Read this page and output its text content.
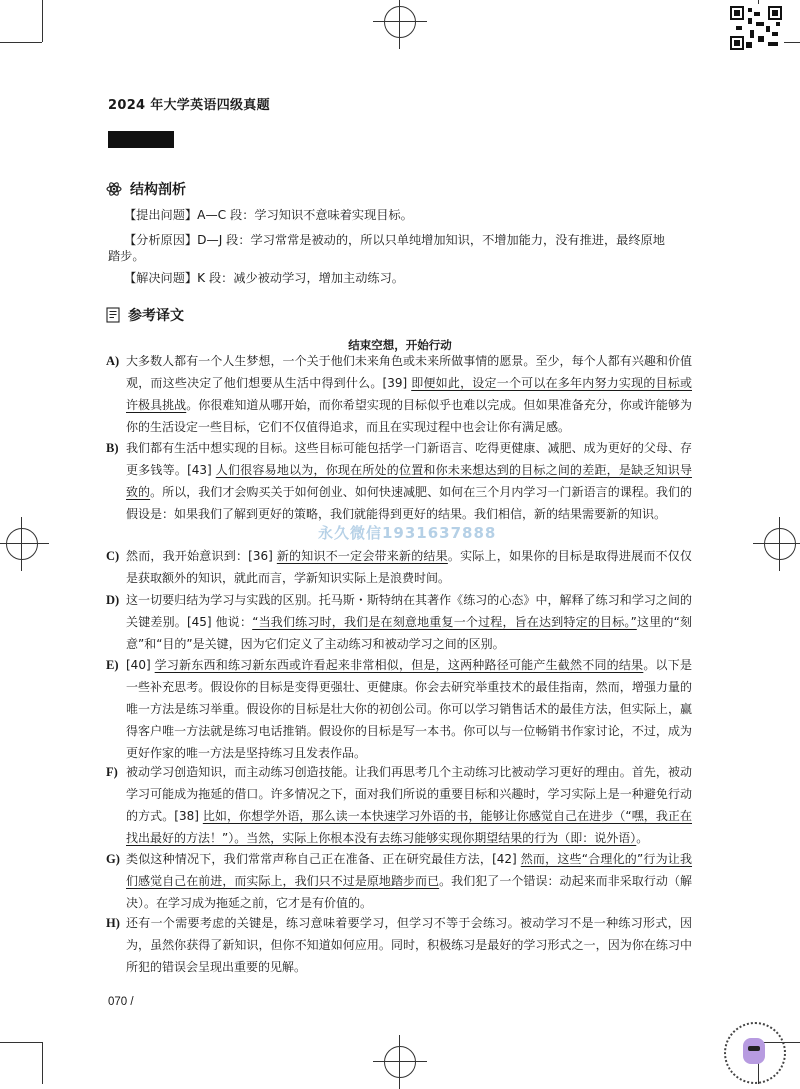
2024 年大学英语四级真题
结构剖析
【提出问题】A—C 段：学习知识不意味着实现目标。
【分析原因】D—J 段：学习常常是被动的，所以只单纯增加知识，不增加能力，没有推进，最终原地
踏步。
【解决问题】K 段：减少被动学习，增加主动练习。
参考译文
结束空想，开始行动
A) 大多数人都有一个人生梦想，一个关于他们未来角色或未来所做事情的愿景。至少，每个人都有兴趣和价值观，而这些决定了他们想要从生活中得到什么。[39] 即便如此，设定一个可以在多年内努力实现的目标或许极具挑战。你很难知道从哪开始，而你希望实现的目标似乎也难以完成。但如果准备充分，你或许能够为你的生活设定一些目标，它们不仅值得追求，而且在实现过程中也会让你有满足感。
B) 我们都有生活中想实现的目标。这些目标可能包括学一门新语言、吃得更健康、减肥、成为更好的父母、存更多钱等。[43] 人们很容易地以为，你现在所处的位置和你未来想达到的目标之间的差距，是缺乏知识导致的。所以，我们才会购买关于如何创业、如何快速减肥、如何在三个月内学习一门新语言的课程。我们的假设是：如果我们了解到更好的策略，我们就能得到更好的结果。我们相信，新的结果需要新的知识。
C) 然而，我开始意识到：[36] 新的知识不一定会带来新的结果。实际上，如果你的目标是取得进展而不仅仅是获取额外的知识，就此而言，学新知识实际上是浪费时间。
D) 这一切要归结为学习与实践的区别。托马斯・斯特纳在其著作《练习的心态》中，解释了练习和学习之间的关键差别。[45] 他说：“当我们练习时，我们是在刻意地重复一个过程，旨在达到特定的目标。”这里的“刻意”和“目的”是关键，因为它们定义了主动练习和被动学习之间的区别。
E) [40] 学习新东西和练习新东西或许看起来非常相似，但是，这两种路径可能产生截然不同的结果。以下是一些补充思考。假设你的目标是变得更强壮、更健康。你会去研究举重技术的最佳指南，然而，增强力量的唯一方法是练习举重。假设你的目标是壮大你的初创公司。你可以学习销售话术的最佳方法，但实际上，赢得客户唯一方法就是练习电话推销。假设你的目标是写一本书。你可以与一位畅销书作家讨论，不过，成为更好作家的唯一方法是坚持练习且发表作品。
F) 被动学习创造知识，而主动练习创造技能。让我们再思考几个主动练习比被动学习更好的理由。首先，被动学习可能成为拖延的借口。许多情况之下，面对我们所说的重要目标和兴趣时，学习实际上是一种避免行动的方式。[38] 比如，你想学外语，那么读一本快速学习外语的书，能够让你感觉自己在进步（“嘿，我正在找出最好的方法！”）。当然，实际上你根本没有去练习能够实现你期望结果的行为（即：说外语）。
G) 类似这种情况下，我们常常声称自己正在准备、正在研究最佳方法，[42] 然而，这些“合理化的”行为让我们感觉自己在前进，而实际上，我们只不过是原地踏步而已。我们犯了一个错误：动起来而非采取行动（解决）。在学习成为拖延之前，它才是有价值的。
H) 还有一个需要考虑的关键是，练习意味着要学习，但学习不等于会练习。被动学习不是一种练习形式，因为，虽然你获得了新知识，但你不知道如何应用。同时，积极练习是最好的学习形式之一，因为你在练习中所犯的错误会呈现出重要的见解。
永久微信1931637888
070 /
